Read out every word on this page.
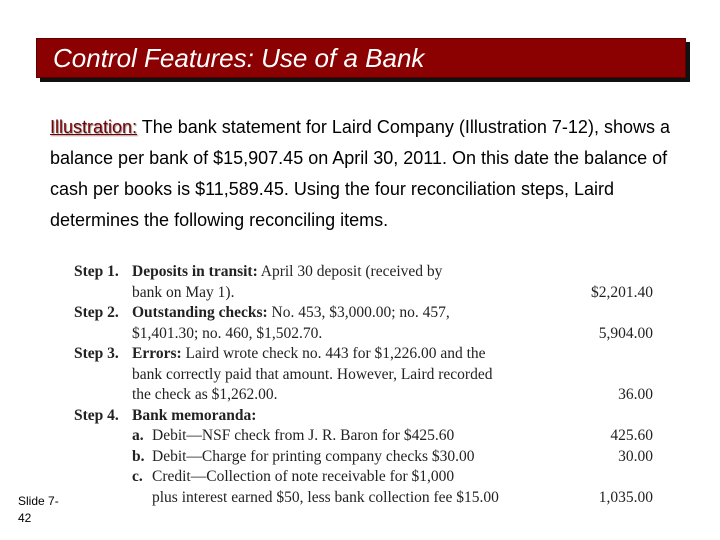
Control Features: Use of a Bank
Illustration: The bank statement for Laird Company (Illustration 7-12), shows a balance per bank of $15,907.45 on April 30, 2011. On this date the balance of cash per books is $11,589.45. Using the four reconciliation steps, Laird determines the following reconciling items.
Step 1. Deposits in transit: April 30 deposit (received by
bank on May 1).	$2,201.40
Step 2. Outstanding checks: No. 453, $3,000.00; no. 457,
$1,401.30; no. 460, $1,502.70.	5,904.00
Step 3. Errors: Laird wrote check no. 443 for $1,226.00 and the
bank correctly paid that amount. However, Laird recorded
the check as $1,262.00.	36.00
Step 4. Bank memoranda:
a. Debit—NSF check from J. R. Baron for $425.60	425.60
b. Debit—Charge for printing company checks $30.00	30.00
c. Credit—Collection of note receivable for $1,000
plus interest earned $50, less bank collection fee $15.00	1,035.00
Slide 7-
42
